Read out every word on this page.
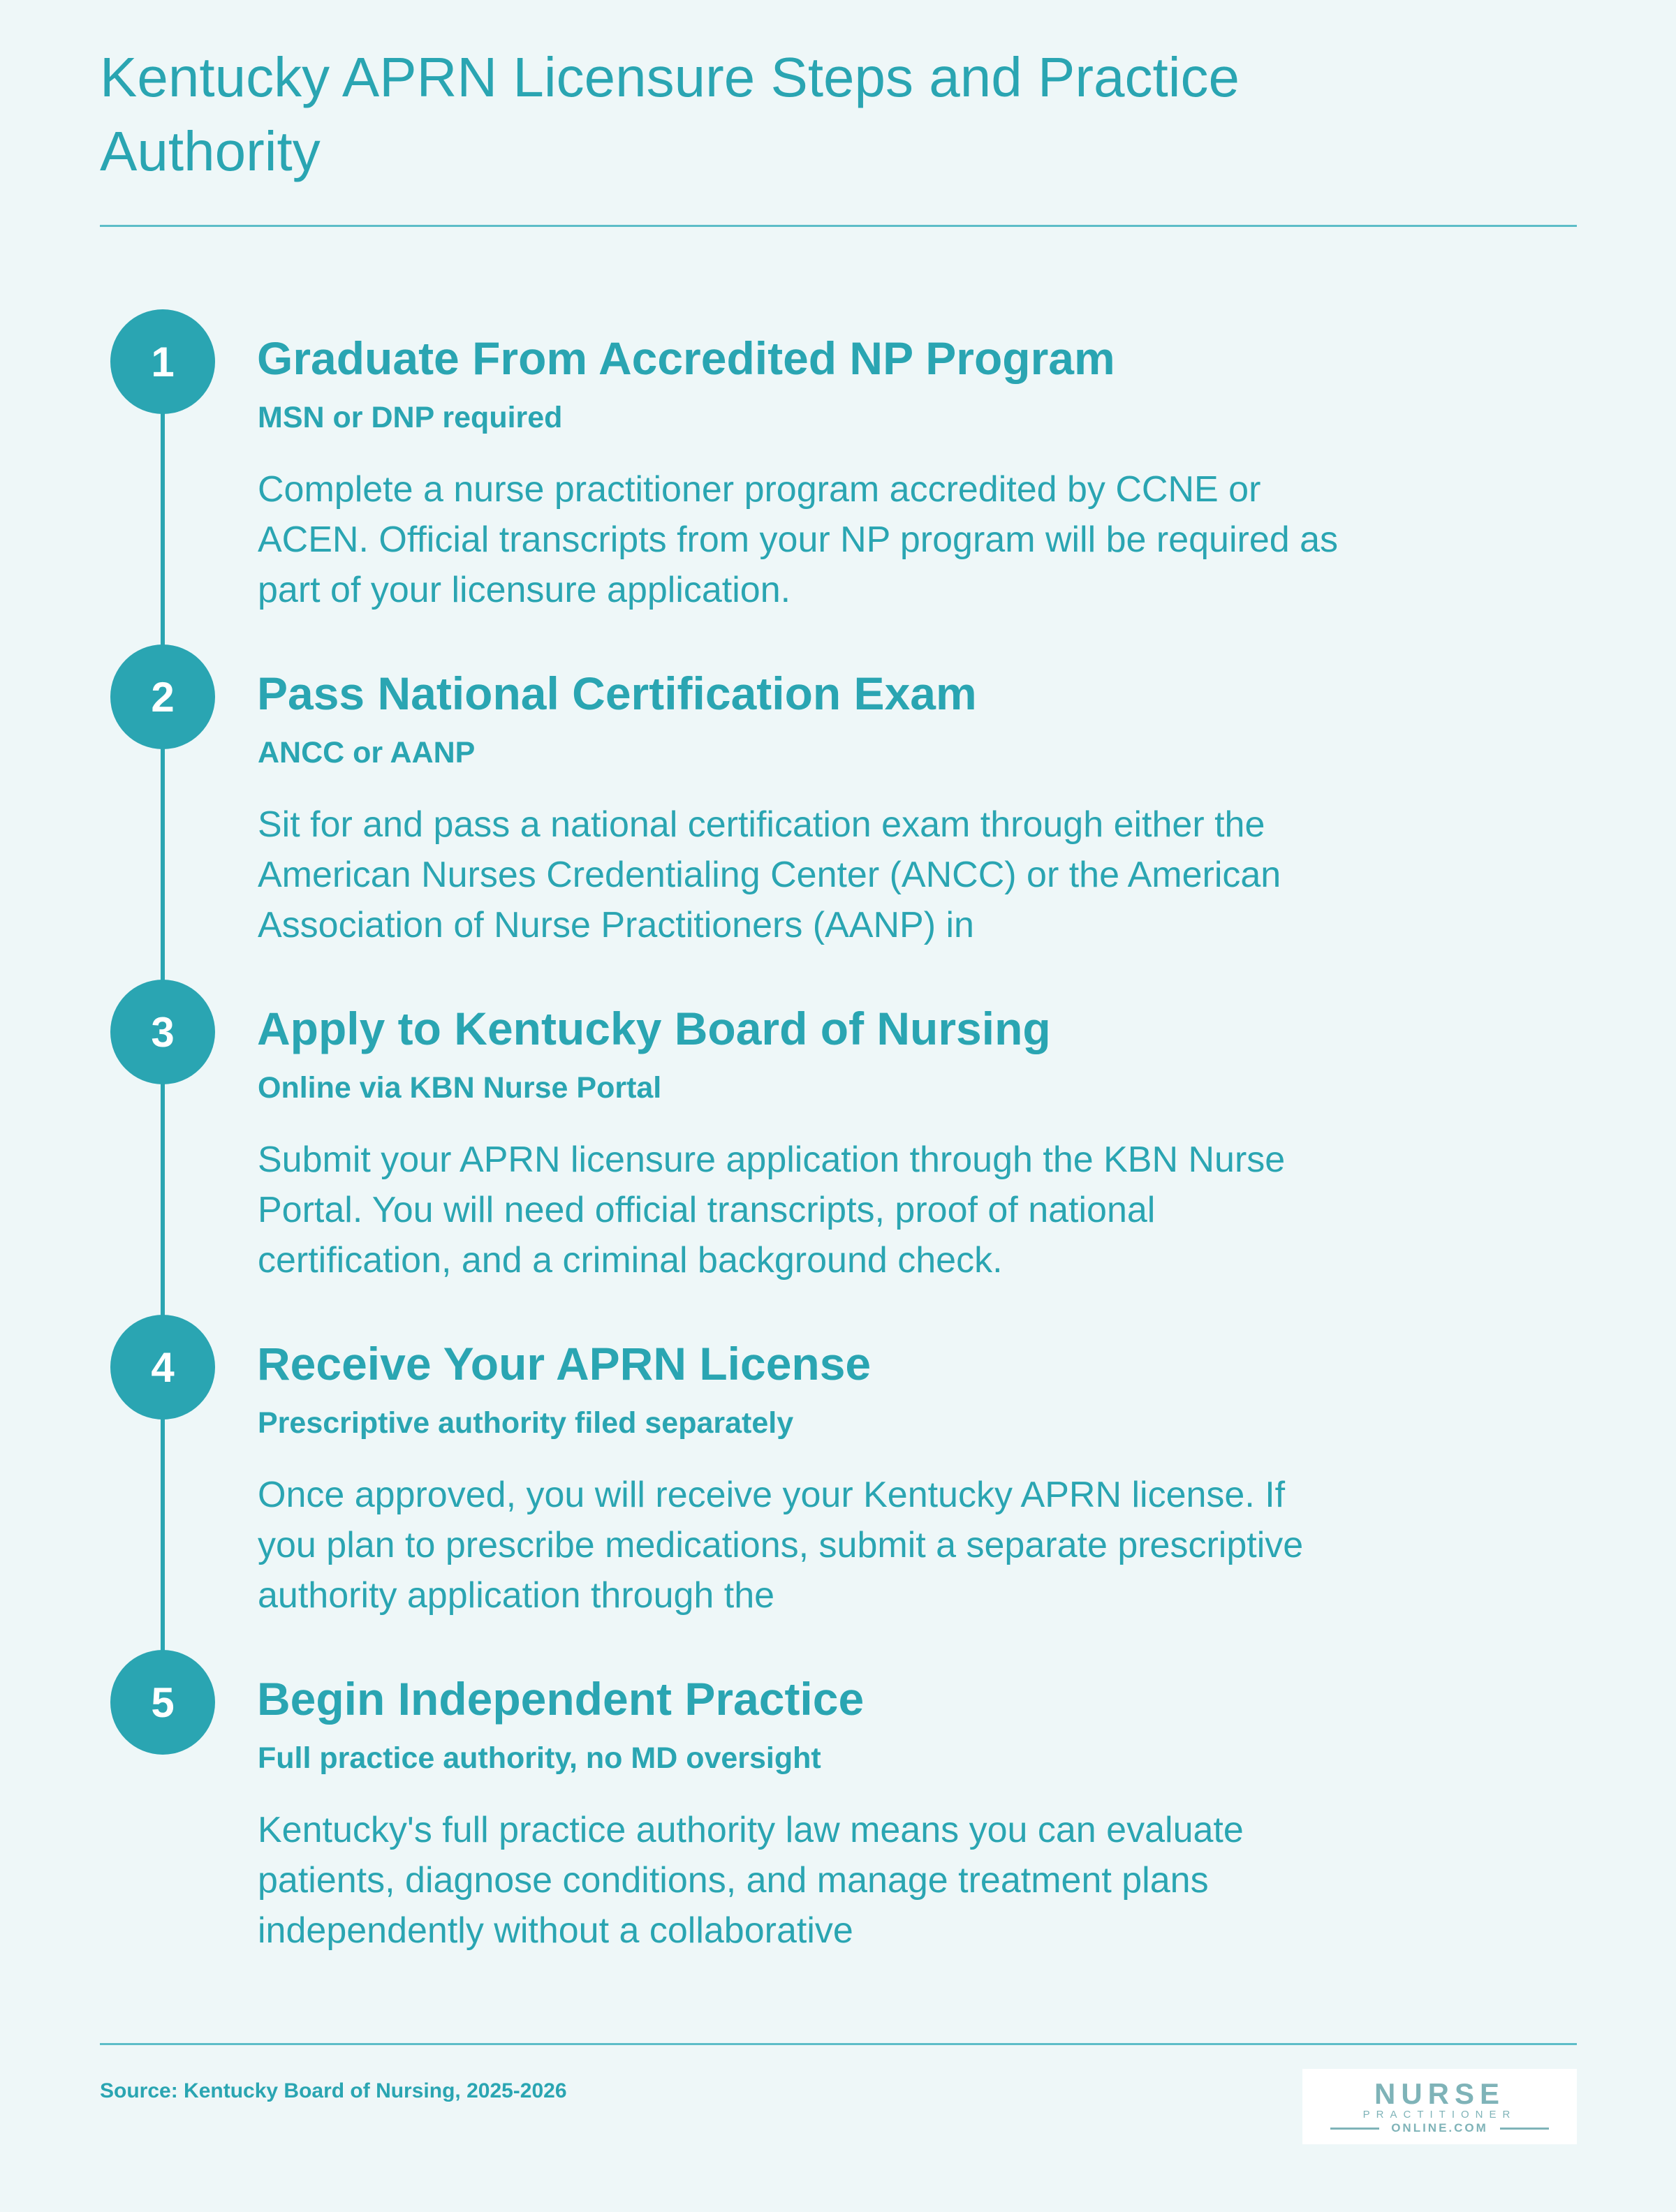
Kentucky APRN Licensure Steps and Practice Authority
1	Graduate From Accredited NP Program
MSN or DNP required
Complete a nurse practitioner program accredited by CCNE or ACEN. Official transcripts from your NP program will be required as part of your licensure application.
2	Pass National Certification Exam
ANCC or AANP
Sit for and pass a national certification exam through either the American Nurses Credentialing Center (ANCC) or the American Association of Nurse Practitioners (AANP) in
3	Apply to Kentucky Board of Nursing
Online via KBN Nurse Portal
Submit your APRN licensure application through the KBN Nurse Portal. You will need official transcripts, proof of national certification, and a criminal background check.
4	Receive Your APRN License
Prescriptive authority filed separately
Once approved, you will receive your Kentucky APRN license. If you plan to prescribe medications, submit a separate prescriptive authority application through the
5	Begin Independent Practice
Full practice authority, no MD oversight
Kentucky's full practice authority law means you can evaluate patients, diagnose conditions, and manage treatment plans independently without a collaborative
Source: Kentucky Board of Nursing, 2025-2026	NURSE
PRACTITIONER
ONLINE.COM
